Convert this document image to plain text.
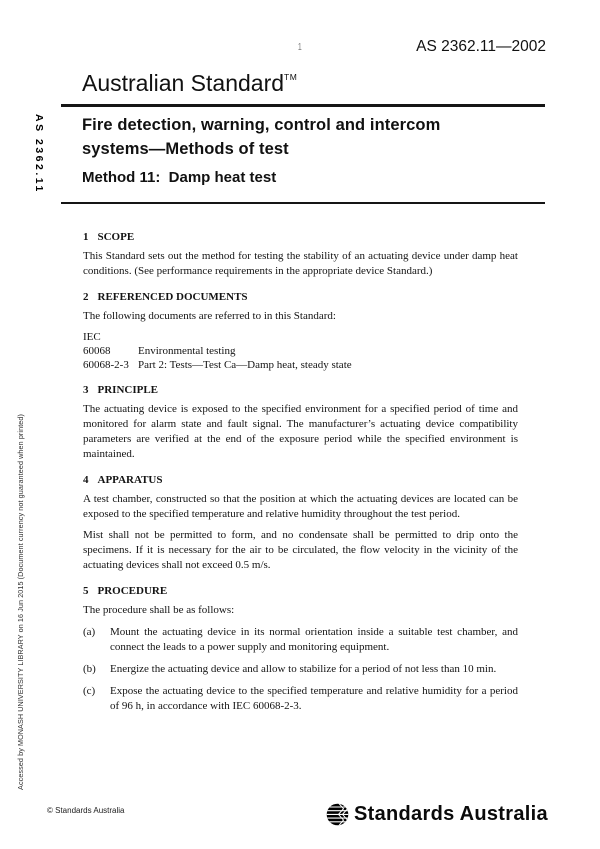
AS 2362.11
Accessed by MONASH UNIVERSITY LIBRARY on 16 Jun 2015 (Document currency not guaranteed when printed)
1	AS 2362.11—2002
Australian Standard™
Fire detection, warning, control and intercom systems—Methods of test
Method 11:  Damp heat test
1 SCOPE

This Standard sets out the method for testing the stability of an actuating device under damp heat conditions. (See performance requirements in the appropriate device Standard.)

2 REFERENCED DOCUMENTS

The following documents are referred to in this Standard:

IEC
60068	Environmental testing
60068-2-3 Part 2: Tests—Test Ca—Damp heat, steady state
3 PRINCIPLE

The actuating device is exposed to the specified environment for a specified period of time and monitored for alarm state and fault signal. The manufacturer’s actuating device compatibility parameters are verified at the end of the exposure period while the specified environment is maintained.

4 APPARATUS

A test chamber, constructed so that the position at which the actuating devices are located can be exposed to the specified temperature and relative humidity throughout the test period.

Mist shall not be permitted to form, and no condensate shall be permitted to drip onto the specimens. If it is necessary for the air to be circulated, the flow velocity in the vicinity of the actuating devices shall not exceed 0.5 m/s.

5 PROCEDURE

The procedure shall be as follows:

(a)	Mount the actuating device in its normal orientation inside a suitable test chamber, and connect the leads to a power supply and monitoring equipment.
(b)	Energize the actuating device and allow to stabilize for a period of not less than 10 min.
(c)	Expose the actuating device to the specified temperature and relative humidity for a period of 96 h, in accordance with IEC 60068-2-3.
© Standards Australia	Standards Australia
